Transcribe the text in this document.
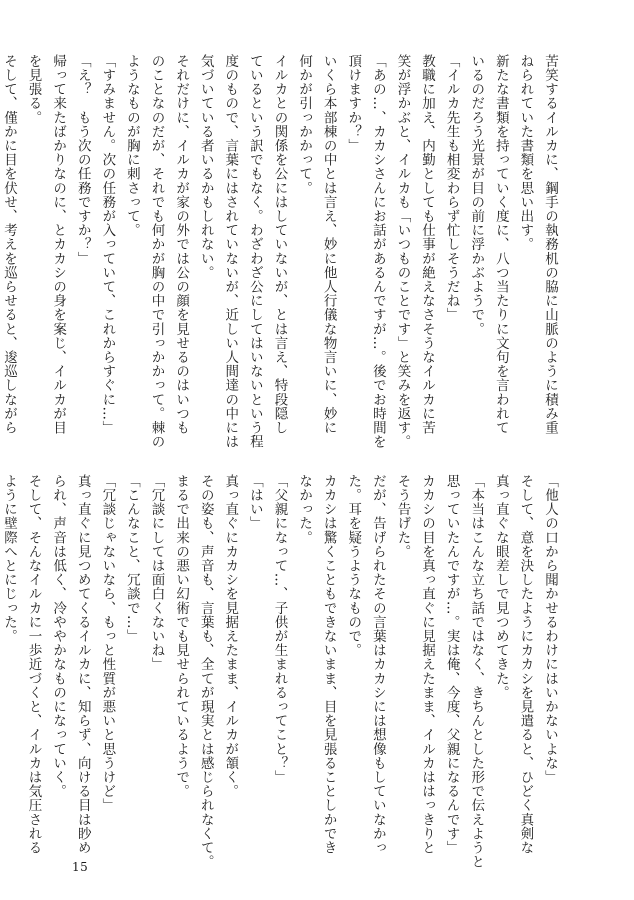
苦笑するイルカに、鋼手の執務机の脇に山脈のように積み重
ねられていた書類を思い出す。
新たな書類を持っていく度に、八つ当たりに文句を言われて
いるのだろう光景が目の前に浮かぶようで。
「イルカ先生も相変わらず忙しそうだね」
教職に加え、内勤としても仕事が絶えなさそうなイルカに苦
笑が浮かぶと、イルカも「いつものことです」と笑みを返す。
「あの…、カカシさんにお話があるんですが…。後でお時間を
頂けますか？」
いくら本部棟の中とは言え、妙に他人行儀な物言いに、妙に
何かが引っかかって。
イルカとの関係を公にはしていないが、とは言え、特段隠し
ているという訳でもなく。わざわざ公にしてはいないという程
度のもので、言葉にはされていないが、近しい人間達の中には
気づいている者いるかもしれない。
それだけに、イルカが家の外では公の顔を見せるのはいつも
のことなのだが、それでも何かが胸の中で引っかかって。棘の
ようなものが胸に刺さって。
「すみません。次の任務が入っていて、これからすぐに…」
「え？　もう次の任務ですか？」
帰って来たばかりなのに、とカカシの身を案じ、イルカが目
を見張る。
そして、僅かに目を伏せ、考えを巡らせると、逡巡しながら
「他人の口から聞かせるわけにはいかないよな」
そして、意を決したようにカカシを見遣ると、ひどく真剣な
真っ直ぐな眼差しで見つめてきた。
「本当はこんな立ち話ではなく、きちんとした形で伝えようと
思っていたんですが…。実は俺、今度、父親になるんです」
カカシの目を真っ直ぐに見据えたまま、イルカははっきりと
そう告げた。
だが、告げられたその言葉はカカシには想像もしていなかっ
た。耳を疑うようなもので。
カカシは驚くこともできないまま、目を見張ることしかでき
なかった。
「父親になって…、子供が生まれるってこと？」
「はい」
真っ直ぐにカカシを見据えたまま、イルカが頷く。
その姿も、声音も、言葉も、全てが現実とは感じられなくて。
まるで出来の悪い幻術でも見せられているようで。
「冗談にしては面白くないね」
「こんなこと、冗談で…」
「冗談じゃないなら、もっと性質が悪いと思うけど」
真っ直ぐに見つめてくるイルカに、知らず、向ける目は眇め
られ、声音は低く、冷ややかなものになっていく。
そして、そんなイルカに一歩近づくと、イルカは気圧される
ように壁際へとにじった。
15
